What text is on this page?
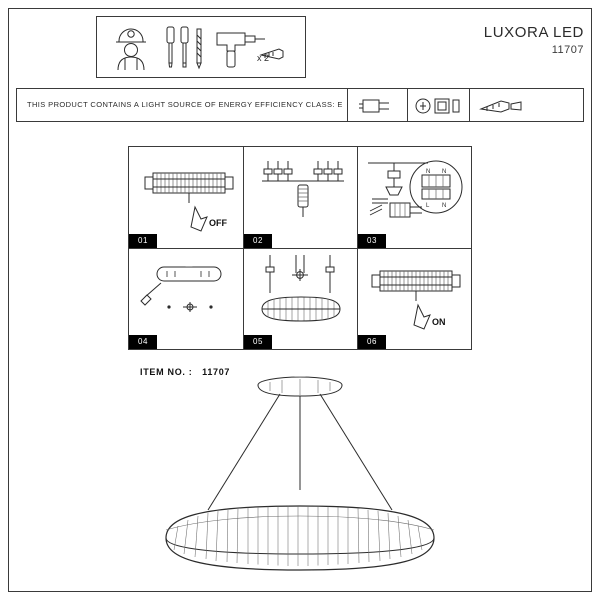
x 2
LUXORA LED
11707
THIS PRODUCT CONTAINS A LIGHT SOURCE OF ENERGY EFFICIENCY CLASS: E
OFF
01	02
N N
L N
03
___
04	05
ON
06
ITEM NO. : 11707	____
